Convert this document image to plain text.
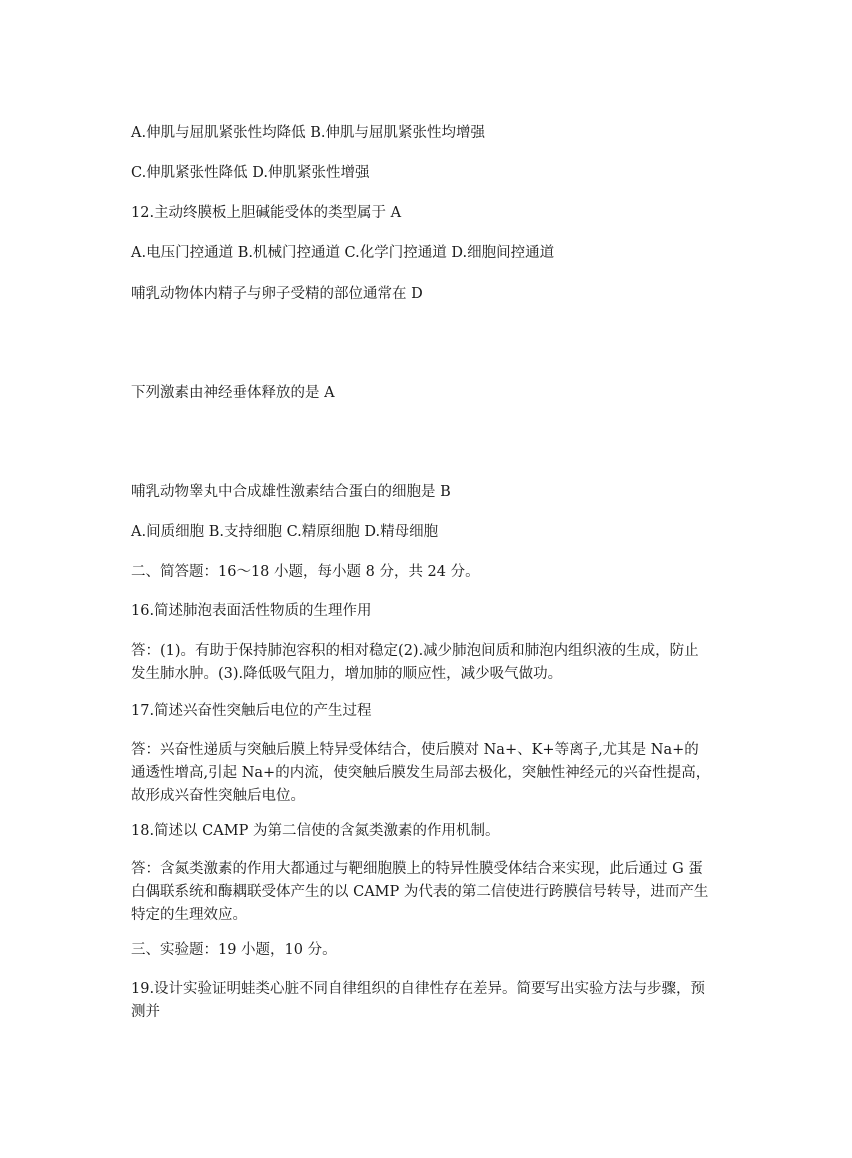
A.伸肌与屈肌紧张性均降低 B.伸肌与屈肌紧张性均增强

C.伸肌紧张性降低 D.伸肌紧张性增强

12.主动终膜板上胆碱能受体的类型属于 A

A.电压门控通道 B.机械门控通道 C.化学门控通道 D.细胞间控通道

哺乳动物体内精子与卵子受精的部位通常在 D

下列激素由神经垂体释放的是 A

哺乳动物睾丸中合成雄性激素结合蛋白的细胞是 B

A.间质细胞 B.支持细胞 C.精原细胞 D.精母细胞

二、简答题：16～18 小题，每小题 8 分，共 24 分。

16.简述肺泡表面活性物质的生理作用

答：(1)。有助于保持肺泡容积的相对稳定(2).减少肺泡间质和肺泡内组织液的生成，防止发生肺水肿。(3).降低吸气阻力，增加肺的顺应性，减少吸气做功。

17.简述兴奋性突触后电位的产生过程

答：兴奋性递质与突触后膜上特异受体结合，使后膜对 Na+、K+等离子,尤其是 Na+的通透性增高,引起 Na+的内流，使突触后膜发生局部去极化，突触性神经元的兴奋性提高，故形成兴奋性突触后电位。

18.简述以 CAMP 为第二信使的含氮类激素的作用机制。

答：含氮类激素的作用大都通过与靶细胞膜上的特异性膜受体结合来实现，此后通过 G 蛋白偶联系统和酶耦联受体产生的以 CAMP 为代表的第二信使进行跨膜信号转导，进而产生特定的生理效应。

三、实验题：19 小题，10 分。

19.设计实验证明蛙类心脏不同自律组织的自律性存在差异。简要写出实验方法与步骤，预测并
